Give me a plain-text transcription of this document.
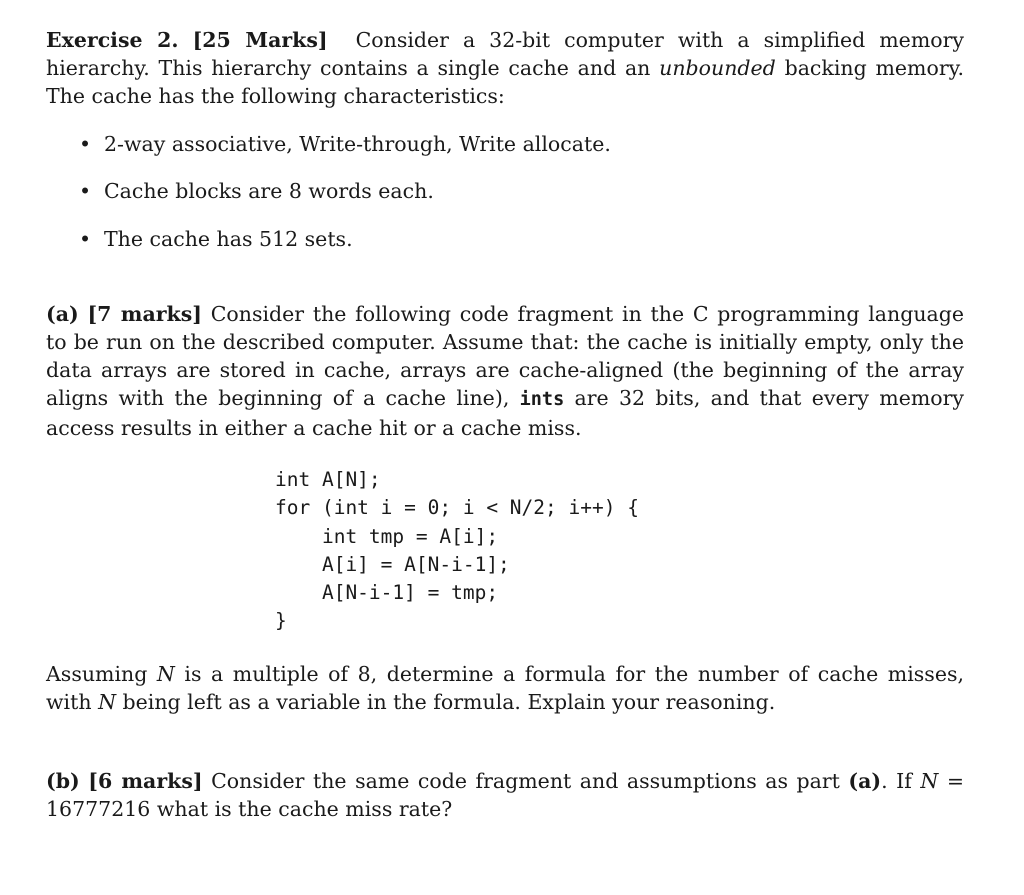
Exercise 2. [25 Marks] Consider a 32-bit computer with a simplified memory hierarchy. This hierarchy contains a single cache and an unbounded backing memory. The cache has the following characteristics:

• 2-way associative, Write-through, Write allocate.
• Cache blocks are 8 words each.
• The cache has 512 sets.

(a) [7 marks] Consider the following code fragment in the C programming language to be run on the described computer. Assume that: the cache is initially empty, only the data arrays are stored in cache, arrays are cache-aligned (the beginning of the array aligns with the beginning of a cache line), ints are 32 bits, and that every memory access results in either a cache hit or a cache miss.

int A[N];
for (int i = 0; i < N/2; i++) {
int tmp = A[i];
A[i] = A[N-i-1];
A[N-i-1] = tmp;
}

Assuming N is a multiple of 8, determine a formula for the number of cache misses, with N being left as a variable in the formula. Explain your reasoning.

(b) [6 marks] Consider the same code fragment and assumptions as part (a). If N = 16777216 what is the cache miss rate?
